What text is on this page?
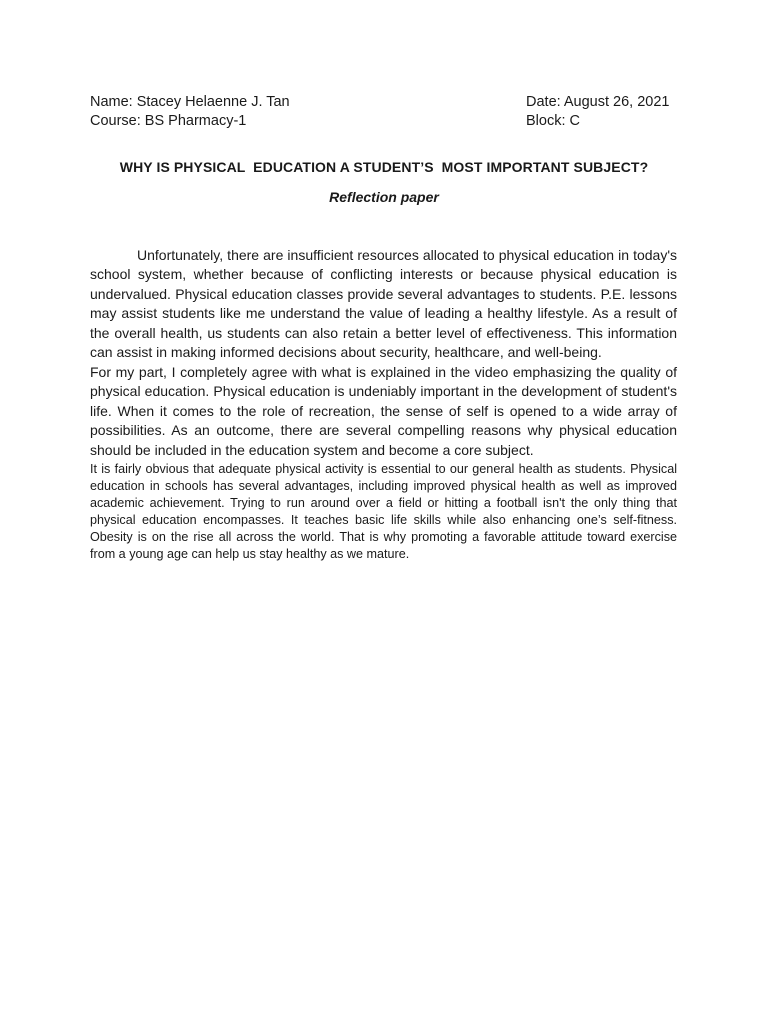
Name: Stacey Helaenne J. Tan	Date: August 26, 2021
Course: BS Pharmacy-1	Block: C
WHY IS PHYSICAL  EDUCATION A STUDENT’S  MOST IMPORTANT SUBJECT?
Reflection paper

Unfortunately, there are insufficient resources allocated to physical education in today's school system, whether because of conflicting interests or because physical education is undervalued. Physical education classes provide several advantages to students. P.E. lessons may assist students like me understand the value of leading a healthy lifestyle. As a result of the overall health, us students can also retain a better level of effectiveness. This information can assist in making informed decisions about security, healthcare, and well-being.

For my part, I completely agree with what is explained in the video emphasizing the quality of physical education. Physical education is undeniably important in the development of student's life. When it comes to the role of recreation, the sense of self is opened to a wide array of possibilities. As an outcome, there are several compelling reasons why physical education should be included in the education system and become a core subject.

It is fairly obvious that adequate physical activity is essential to our general health as students. Physical education in schools has several advantages, including improved physical health as well as improved academic achievement. Trying to run around over a field or hitting a football isn't the only thing that physical education encompasses. It teaches basic life skills while also enhancing one’s self-fitness. Obesity is on the rise all across the world. That is why promoting a favorable attitude toward exercise from a young age can help us stay healthy as we mature.
